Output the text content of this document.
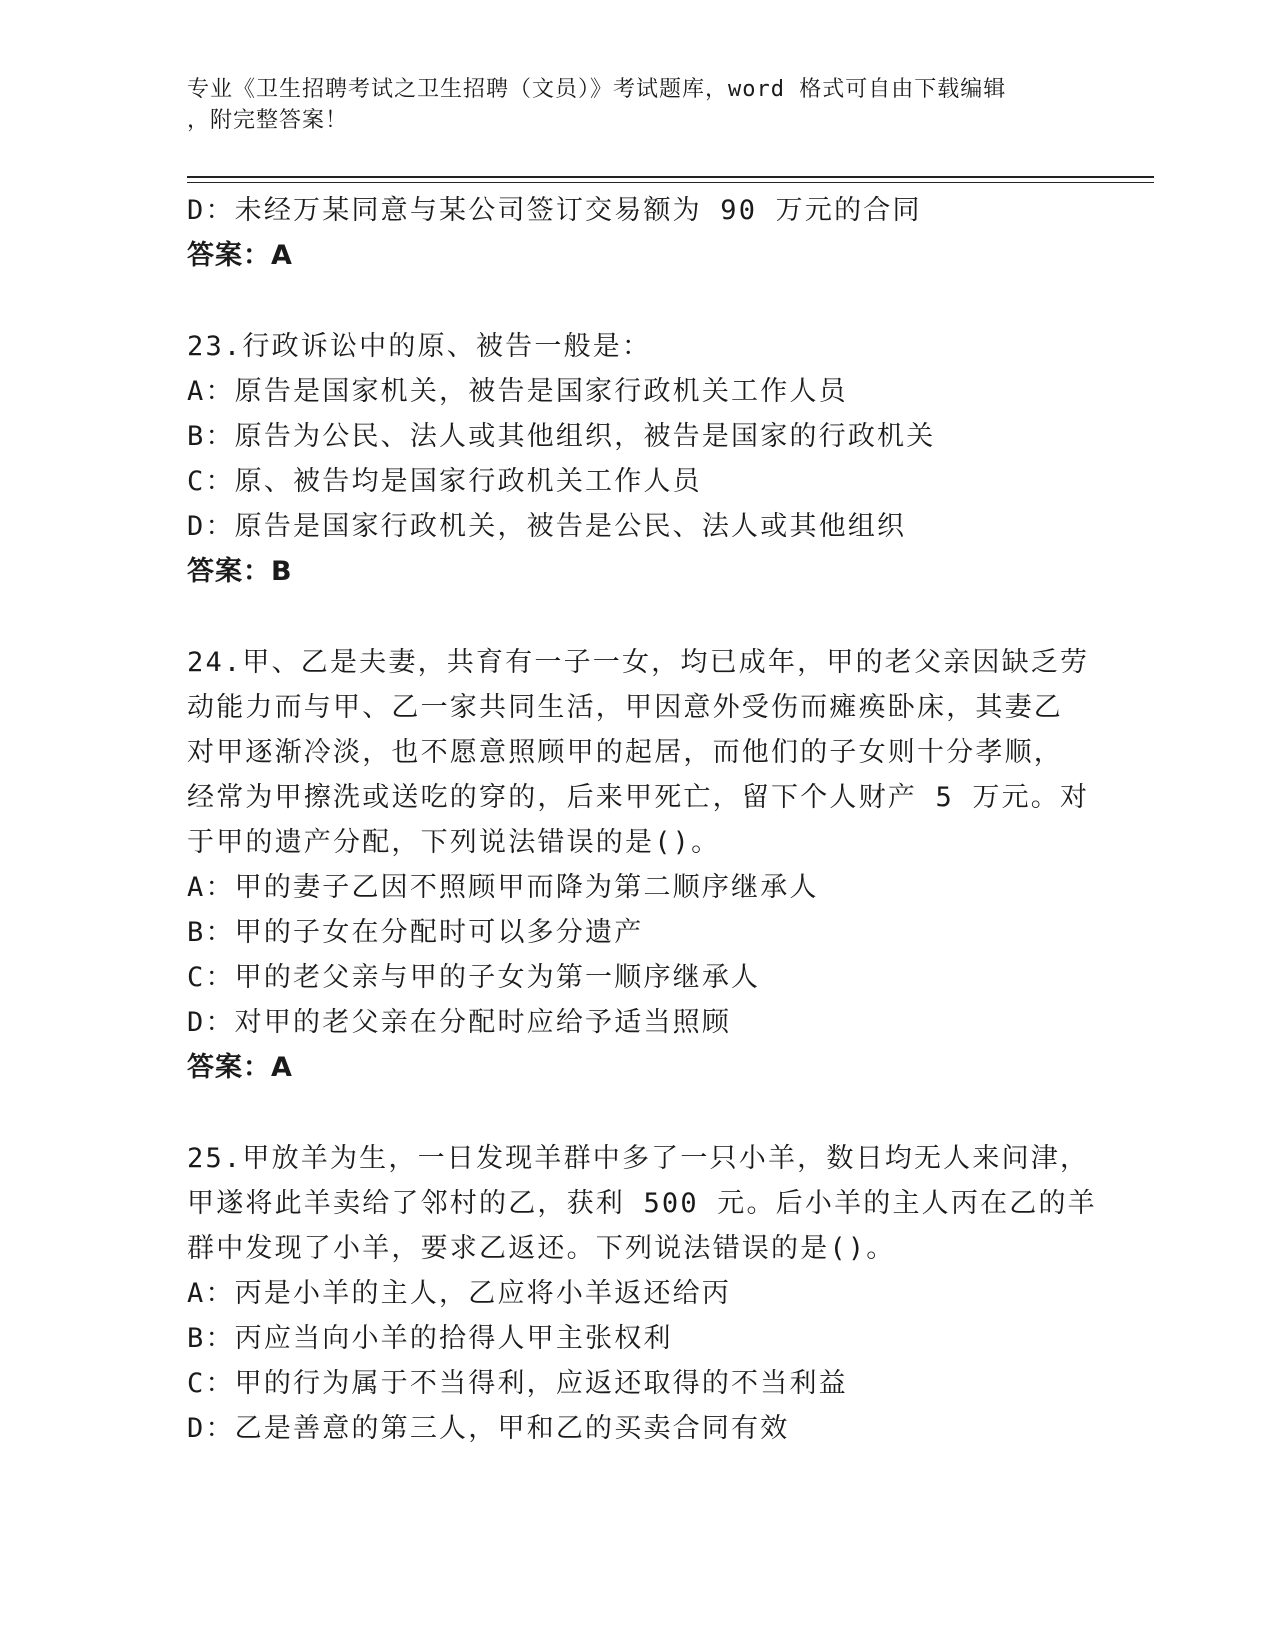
专业《卫生招聘考试之卫生招聘（文员）》考试题库，word 格式可自由下载编辑
，附完整答案！
D：未经万某同意与某公司签订交易额为 90 万元的合同
答案：A
23.行政诉讼中的原、被告一般是：
A：原告是国家机关，被告是国家行政机关工作人员
B：原告为公民、法人或其他组织，被告是国家的行政机关
C：原、被告均是国家行政机关工作人员
D：原告是国家行政机关，被告是公民、法人或其他组织
答案：B
24.甲、乙是夫妻，共育有一子一女，均已成年，甲的老父亲因缺乏劳
动能力而与甲、乙一家共同生活，甲因意外受伤而瘫痪卧床，其妻乙
对甲逐渐冷淡，也不愿意照顾甲的起居，而他们的子女则十分孝顺，
经常为甲擦洗或送吃的穿的，后来甲死亡，留下个人财产 5 万元。对
于甲的遗产分配，下列说法错误的是()。
A：甲的妻子乙因不照顾甲而降为第二顺序继承人
B：甲的子女在分配时可以多分遗产
C：甲的老父亲与甲的子女为第一顺序继承人
D：对甲的老父亲在分配时应给予适当照顾
答案：A
25.甲放羊为生，一日发现羊群中多了一只小羊，数日均无人来问津，
甲遂将此羊卖给了邻村的乙，获利 500 元。后小羊的主人丙在乙的羊
群中发现了小羊，要求乙返还。下列说法错误的是()。
A：丙是小羊的主人，乙应将小羊返还给丙
B：丙应当向小羊的拾得人甲主张权利
C：甲的行为属于不当得利，应返还取得的不当利益
D：乙是善意的第三人，甲和乙的买卖合同有效
